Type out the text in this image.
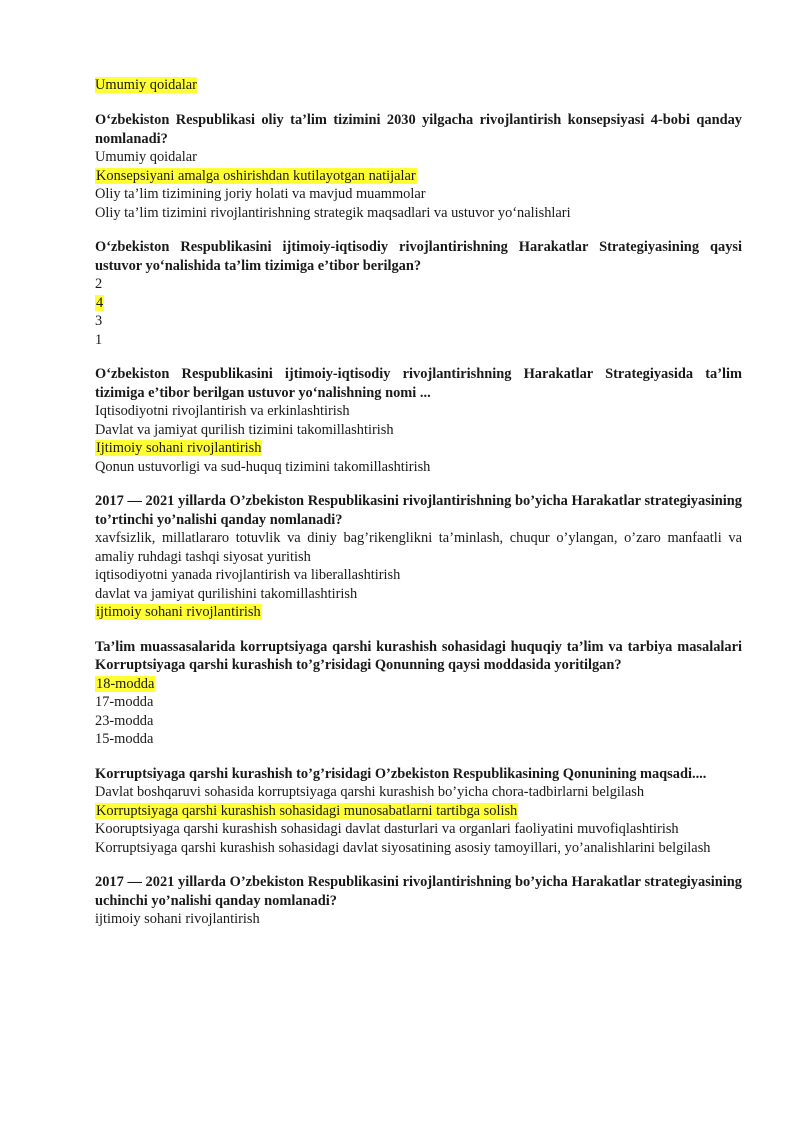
Umumiy qoidalar

O‘zbekiston Respublikasi oliy ta’lim tizimini 2030 yilgacha rivojlantirish konsepsiyasi 4-bobi qanday nomlanadi?

Umumiy qoidalar

Konsepsiyani amalga oshirishdan kutilayotgan natijalar

Oliy ta’lim tizimining joriy holati va mavjud muammolar

Oliy ta’lim tizimini rivojlantirishning strategik maqsadlari va ustuvor yo‘nalishlari

O‘zbekiston Respublikasini ijtimoiy-iqtisodiy rivojlantirishning Harakatlar Strategiyasining qaysi ustuvor yo‘nalishida ta’lim tizimiga e’tibor berilgan?

2

4

3

1

O‘zbekiston Respublikasini ijtimoiy-iqtisodiy rivojlantirishning Harakatlar Strategiyasida ta’lim tizimiga e’tibor berilgan ustuvor yo‘nalishning nomi ...

Iqtisodiyotni rivojlantirish va erkinlashtirish

Davlat va jamiyat qurilish tizimini takomillashtirish

Ijtimoiy sohani rivojlantirish

Qonun ustuvorligi va sud-huquq tizimini takomillashtirish

2017 — 2021 yillarda O’zbekiston Respublikasini rivojlantirishning bo’yicha Harakatlar strategiyasining to’rtinchi yo’nalishi qanday nomlanadi?

xavfsizlik, millatlararo totuvlik va diniy bag’rikenglikni ta’minlash, chuqur o’ylangan, o’zaro manfaatli va amaliy ruhdagi tashqi siyosat yuritish

iqtisodiyotni yanada rivojlantirish va liberallashtirish

davlat va jamiyat qurilishini takomillashtirish

ijtimoiy sohani rivojlantirish

Ta’lim muassasalarida korruptsiyaga qarshi kurashish sohasidagi huquqiy ta’lim va tarbiya masalalari Korruptsiyaga qarshi kurashish to’g’risidagi Qonunning qaysi moddasida yoritilgan?

18-modda

17-modda

23-modda

15-modda

Korruptsiyaga qarshi kurashish to’g’risidagi O’zbekiston Respublikasining Qonunining maqsadi....

Davlat boshqaruvi sohasida korruptsiyaga qarshi kurashish bo’yicha chora-tadbirlarni belgilash

Korruptsiyaga qarshi kurashish sohasidagi munosabatlarni tartibga solish

Kooruptsiyaga qarshi kurashish sohasidagi davlat dasturlari va organlari faoliyatini muvofiqlashtirish

Korruptsiyaga qarshi kurashish sohasidagi davlat siyosatining asosiy tamoyillari, yo’analishlarini belgilash

2017 — 2021 yillarda O’zbekiston Respublikasini rivojlantirishning bo’yicha Harakatlar strategiyasining uchinchi yo’nalishi qanday nomlanadi?

ijtimoiy sohani rivojlantirish
